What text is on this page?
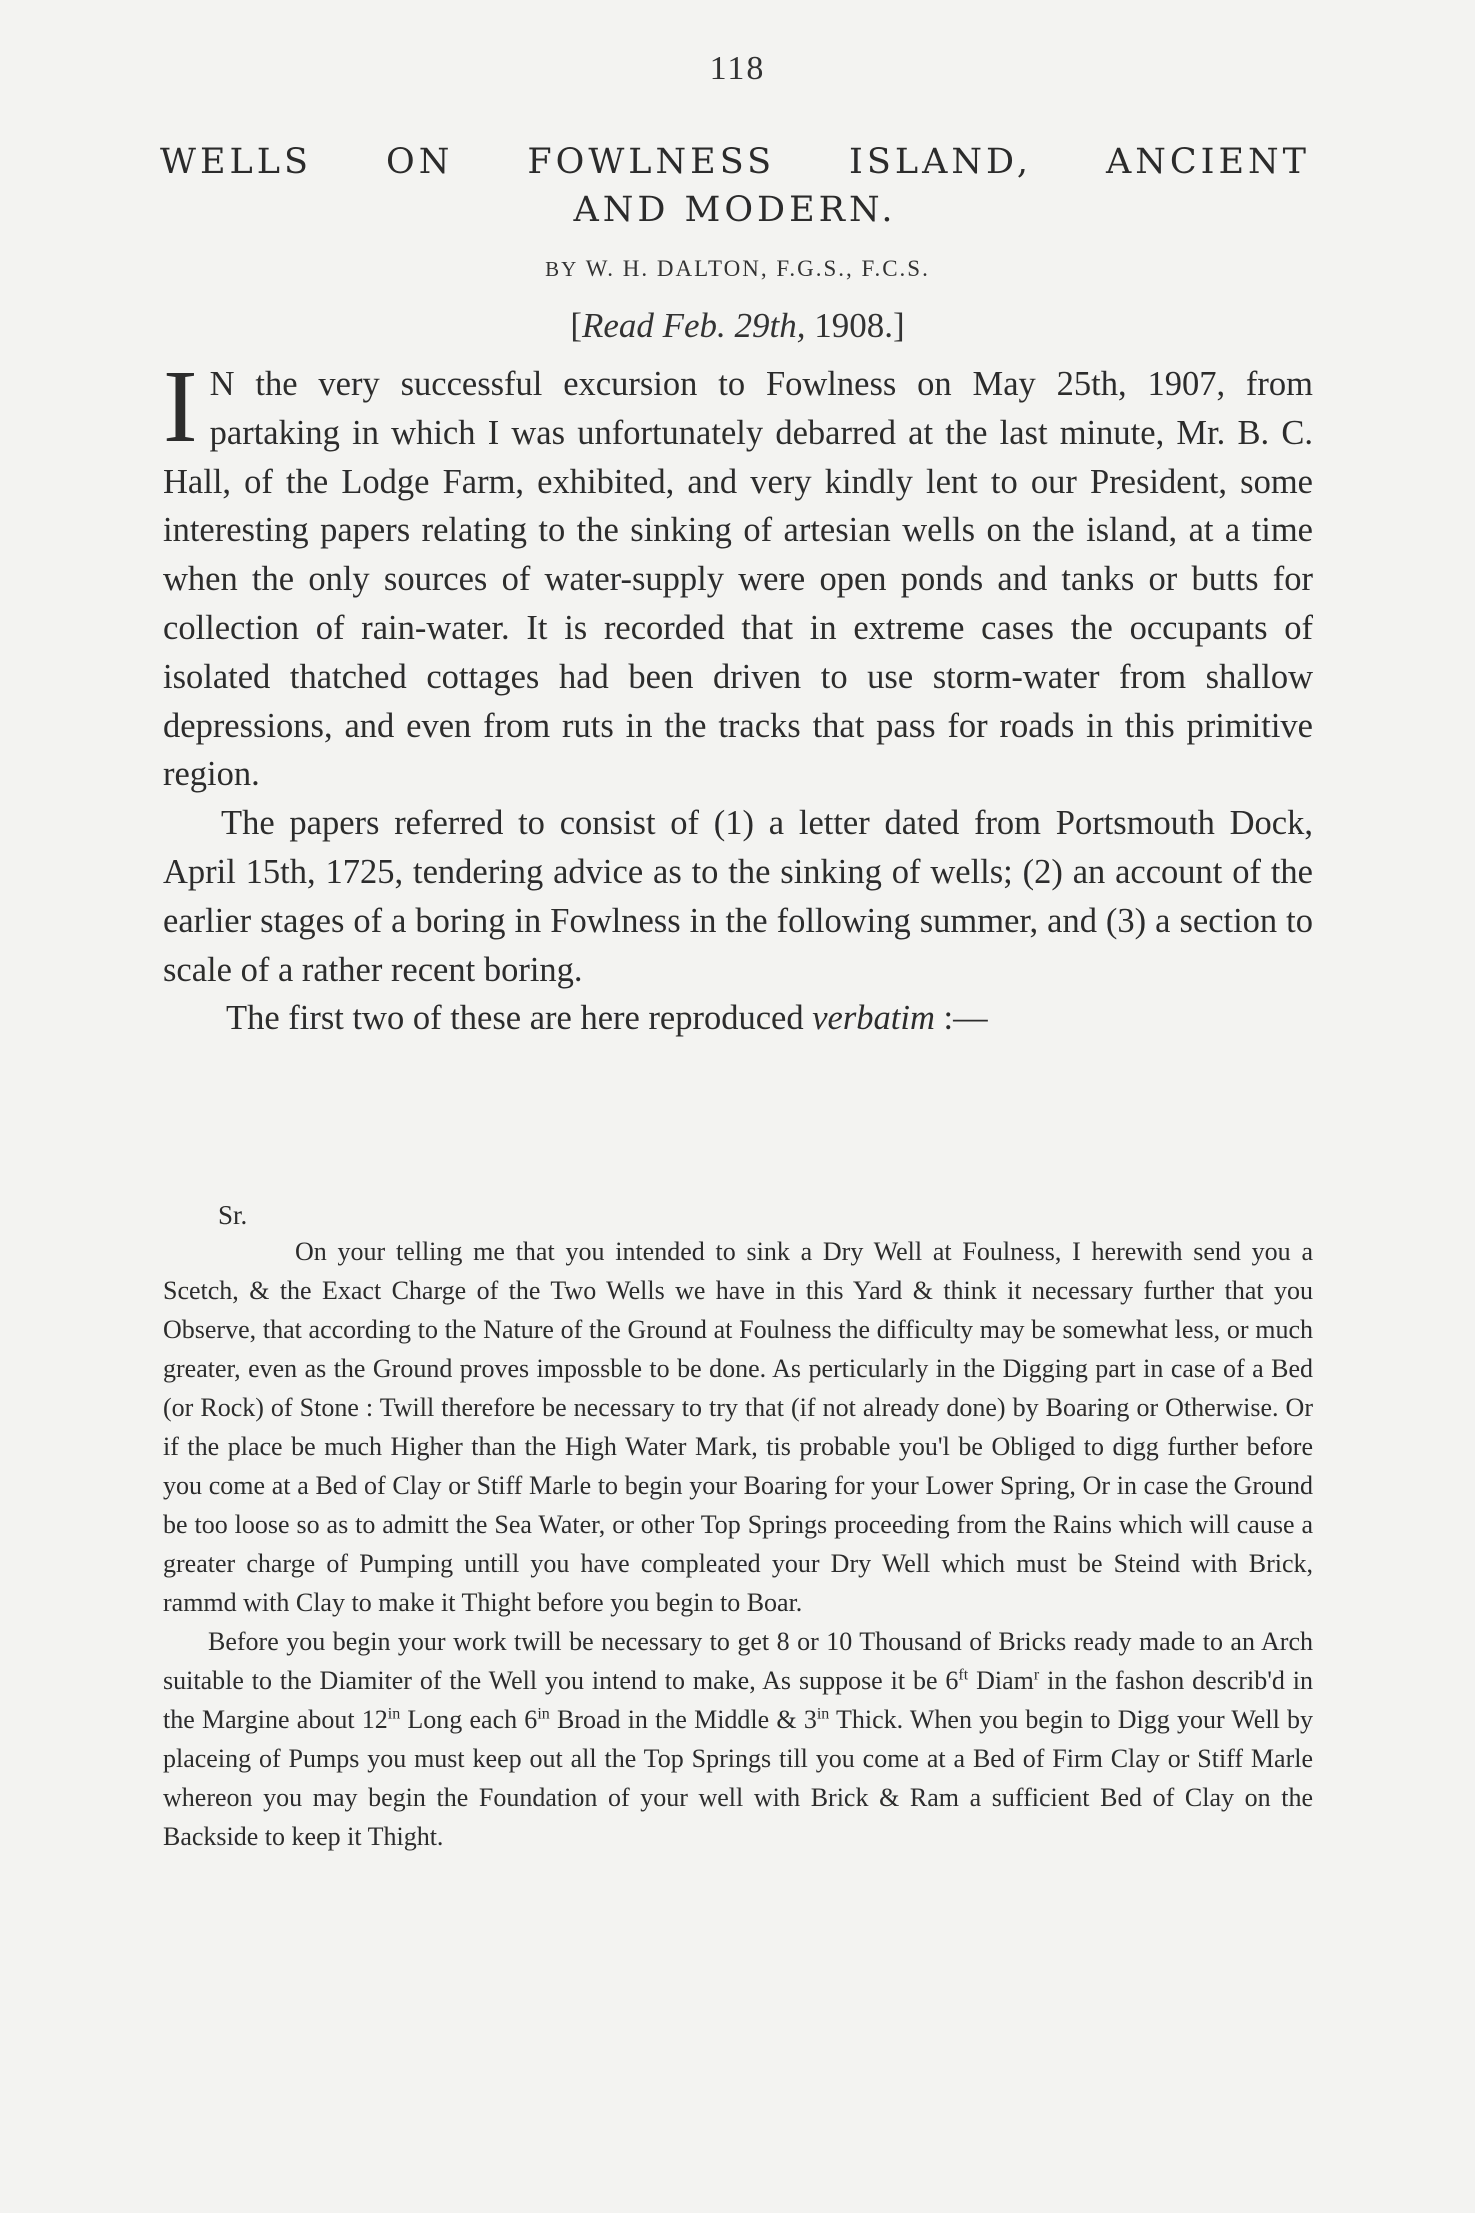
118
WELLS ON FOWLNESS ISLAND, ANCIENT
AND MODERN.
BY W. H. DALTON, F.G.S., F.C.S.
[Read Feb. 29th, 1908.]

I N the very successful excursion to Fowlness on May 25th, 1907, from partaking in which I was unfortunately debarred at the last minute, Mr. B. C. Hall, of the Lodge Farm, exhibited, and very kindly lent to our President, some interesting papers relating to the sinking of artesian wells on the island, at a time when the only sources of water-supply were open ponds and tanks or butts for collection of rain-water. It is recorded that in extreme cases the occupants of isolated thatched cottages had been driven to use storm-water from shallow depressions, and even from ruts in the tracks that pass for roads in this primitive region.

The papers referred to consist of (1) a letter dated from Portsmouth Dock, April 15th, 1725, tendering advice as to the sinking of wells; (2) an account of the earlier stages of a boring in Fowlness in the following summer, and (3) a section to scale of a rather recent boring.

The first two of these are here reproduced verbatim :—

Sr.

On your telling me that you intended to sink a Dry Well at Foulness, I herewith send you a Scetch, & the Exact Charge of the Two Wells we have in this Yard & think it necessary further that you Observe, that according to the Nature of the Ground at Foulness the difficulty may be somewhat less, or much greater, even as the Ground proves impossble to be done. As perticularly in the Digging part in case of a Bed (or Rock) of Stone : Twill therefore be necessary to try that (if not already done) by Boaring or Otherwise. Or if the place be much Higher than the High Water Mark, tis probable you'l be Obliged to digg further before you come at a Bed of Clay or Stiff Marle to begin your Boaring for your Lower Spring, Or in case the Ground be too loose so as to admitt the Sea Water, or other Top Springs proceeding from the Rains which will cause a greater charge of Pumping untill you have compleated your Dry Well which must be Steind with Brick, rammd with Clay to make it Thight before you begin to Boar.

Before you begin your work twill be necessary to get 8 or 10 Thousand of Bricks ready made to an Arch suitable to the Diamiter of the Well you intend to make, As suppose it be $6^{ft}$ Diam$^r$ in the fashon describ'd in the Margine about $12^{in}$ Long each $6^{in}$ Broad in the Middle & $3^{in}$ Thick. When you begin to Digg your Well by placeing of Pumps you must keep out all the Top Springs till you come at a Bed of Firm Clay or Stiff Marle whereon you may begin the Foundation of your well with Brick & Ram a sufficient Bed of Clay on the Backside to keep it Thight.
